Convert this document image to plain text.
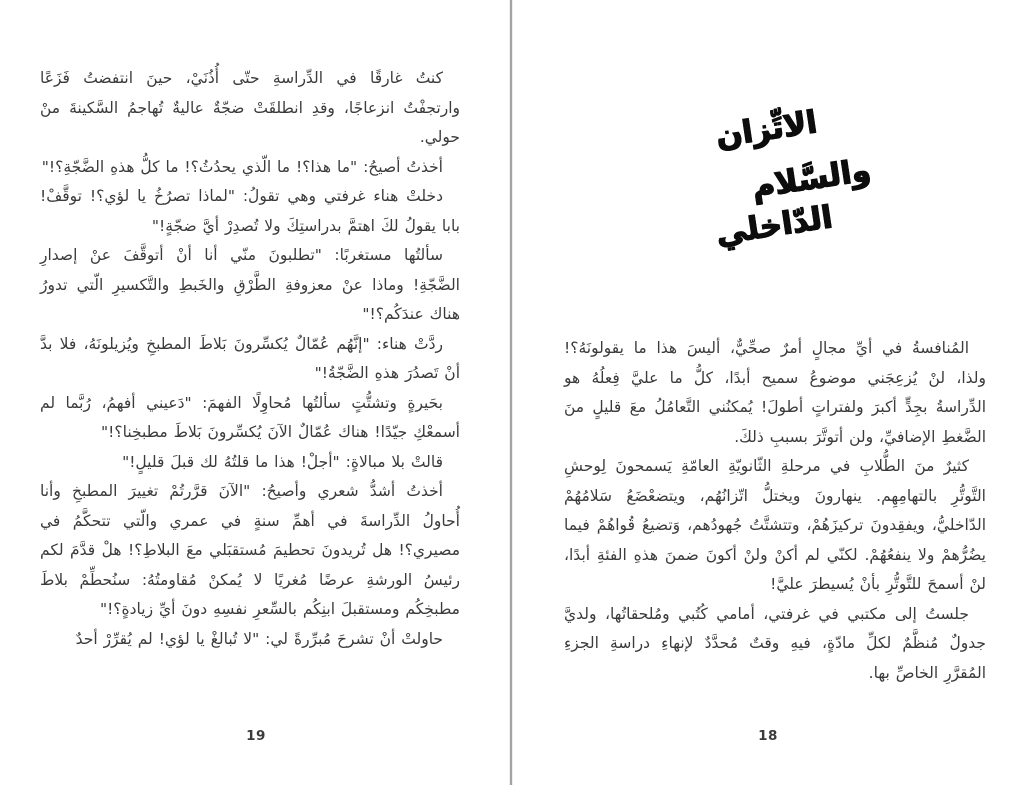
كنتُ غارقًا في الدِّراسةِ حتّى أُذُنَيْ، حينَ انتفضتُ فَزَعًا وارتجفْتُ انزعاجًا، وقدِ انطلقَتْ ضجّةٌ عاليةٌ تُهاجمُ السَّكينةَ منْ حولي.

أخذتُ أصيحُ: "ما هذا؟! ما الّذي يحدُثُ؟! ما كلُّ هذهِ الضَّجّةِ؟!"

دخلتْ هناء غرفتي وهي تقولُ: "لماذا تصرُخُ يا لؤي؟! توقَّفْ! بابا يقولُ لكَ اهتمَّ بدراستِكَ ولا تُصدِرْ أيَّ ضجّةٍ!"

سألتُها مستغربًا: "تطلبونَ منّي أنا أنْ أتوقَّفَ عنْ إصدارِ الضَّجّةِ! وماذا عنْ معزوفةِ الطَّرْقِ والخَبطِ والتَّكسيرِ الّتي تدورُ هناك عندَكُم؟!"

ردَّتْ هناء: "إنَّهُم عُمّالٌ يُكسِّرونَ بَلاطَ المطبخِ ويُزيلونَهُ، فلا بدَّ أنْ تَصدُرَ هذهِ الضَّجّةُ!"

بحَيرةٍ وتشتُّتٍ سألتُها مُحاوِلًا الفهمَ: "دَعيني أفهمُ، رُبَّما لم أسمعْكِ جيّدًا! هناك عُمّالٌ الآنَ يُكسِّرونَ بَلاطَ مطبخِنا؟!"

قالتْ بلا مبالاةٍ: "أجلْ! هذا ما قلتُهُ لك قبلَ قليلٍ!"

أخذتُ أشدُّ شعري وأصيحُ: "الآنَ قرَّرتُمْ تغييرَ المطبخِ وأنا أُحاولُ الدِّراسةَ في أهمِّ سنةٍ في عمري والّتي تتحكَّمُ في مصيري؟! هل تُريدونَ تحطيمَ مُستقبَلي معَ البلاطِ؟! هلْ قدَّمَ لكم رئيسُ الورشةِ عرضًا مُغريًا لا يُمكنْ مُقاومتُهُ: سنُحطِّمْ بلاطَ مطبخِكُم ومستقبلَ ابنِكُم بالسِّعرِ نفسِهِ دونَ أيِّ زيادةٍ؟!"

حاولتْ أنْ تشرحَ مُبرِّرةً لي: "لا تُبالغْ يا لؤي! لم يُقرِّرْ أحدٌ

19
الاتِّزان
والسَّلام
الدّاخلي

المُنافسةُ في أيِّ مجالٍ أمرٌ صحِّيٌّ، أليسَ هذا ما يقولونَهُ؟! ولذا، لنْ يُزعِجَني موضوعُ سميح أبدًا، كلُّ ما عليَّ فِعلُهُ هو الدِّراسةُ بجِدٍّ أكبرَ ولفتراتٍ أطولَ! يُمكنُني التَّعامُلُ معَ قليلٍ منَ الضَّغطِ الإضافيِّ، ولن أتوتَّرَ بسببِ ذلكَ.

كثيرٌ منَ الطُّلابِ في مرحلةِ الثّانويّةِ العامّةِ يَسمحونَ لِوحشِ التَّوتُّرِ بالتهامِهِم. ينهارونَ ويختلُّ اتّزانُهُم، ويتضعْضَعُ سَلامُهُمْ الدّاخليُّ، ويفقِدونَ تركيزَهُمْ، وتتشتَّتُ جُهودُهم، وَتضيعُ قُواهُمْ فيما يضُرُّهمْ ولا ينفعُهُمْ. لكنّي لم أكنْ ولنْ أكونَ ضمنَ هذهِ الفئةِ أبدًا، لنْ أسمحَ للتَّوتُّرِ بأنْ يُسيطرَ عليَّ!

جلستُ إلى مكتبي في غرفتي، أمامي كُتُبي ومُلحقاتُها، ولديَّ جدولٌ مُنظَّمٌ لكلِّ مادّةٍ، فيهِ وقتٌ مُحدَّدٌ لإنهاءِ دراسةِ الجزءِ المُقرَّرِ الخاصِّ بها.

18
